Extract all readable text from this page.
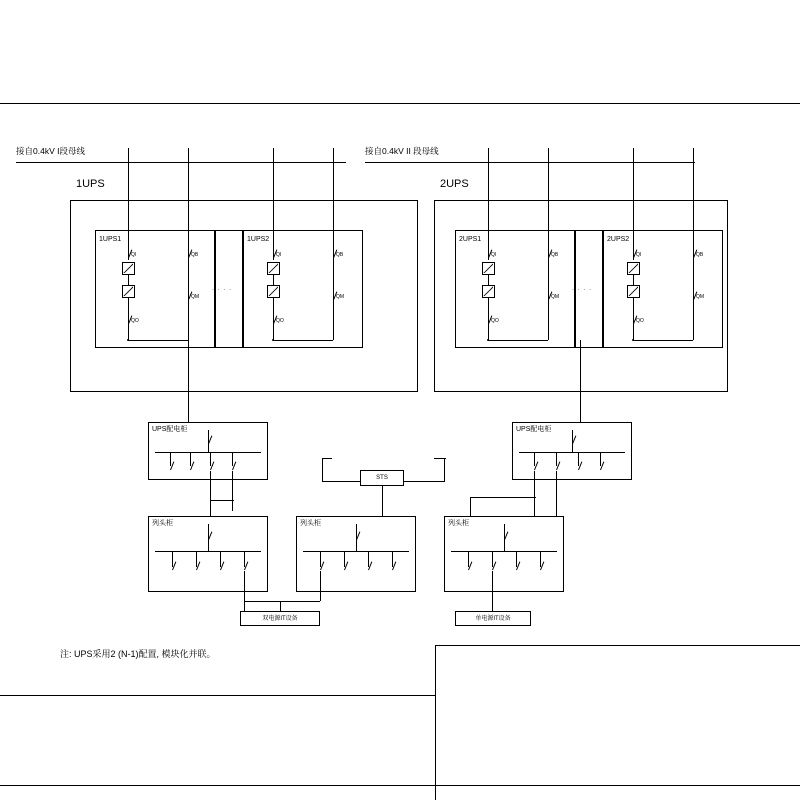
接自0.4kV I段母线	接自0.4kV II 段母线
1UPS
1UPS1	1UPS2
QI
QO
QB
QM
· · · ·
QI
QO
QB
QM
2UPS
2UPS1	2UPS2
QI
QO
QB
QM
· · · ·
QI
QO
QB
QM
UPS配电柜	UPS配电柜
STS
列头柜	列头柜	列头柜
双电源IT设备	单电源IT设备
注: UPS采用2 (N-1)配置, 模块化并联。
